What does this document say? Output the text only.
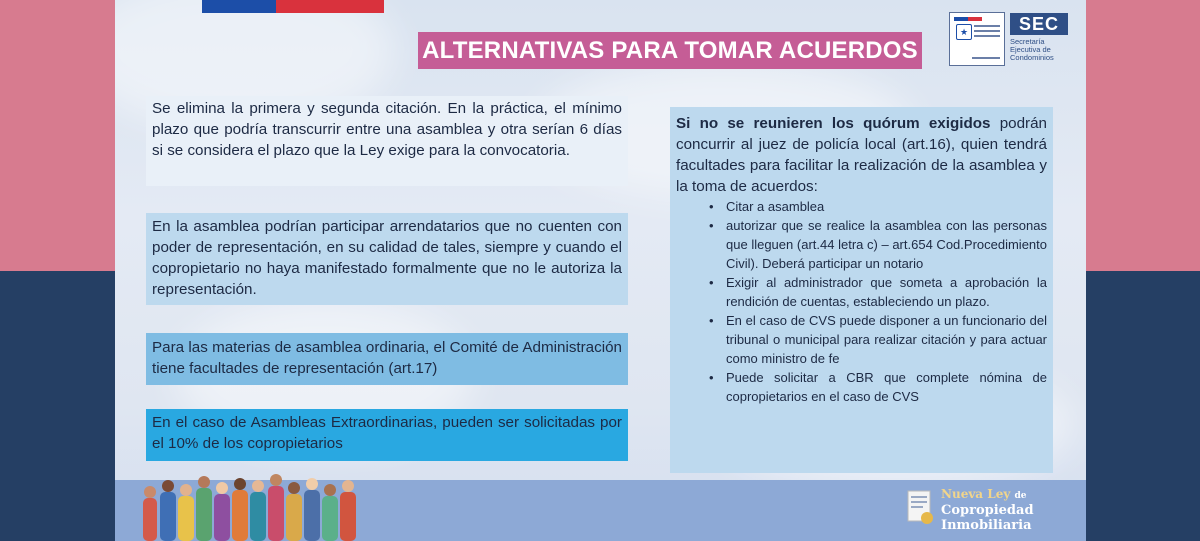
ALTERNATIVAS PARA TOMAR ACUERDOS
★	SEC
Secretaría
Ejecutiva de
Condominios

Se elimina la primera y segunda citación. En la práctica, el mínimo plazo que podría transcurrir entre una asamblea y otra serían 6 días si se considera el plazo que la Ley exige para la convocatoria.

En la asamblea podrían participar arrendatarios que no cuenten con poder de representación, en su calidad de tales, siempre y cuando el copropietario no haya manifestado formalmente que no le autoriza la representación.

Para las materias de asamblea ordinaria, el Comité de Administración tiene facultades de representación (art.17)

En el caso de Asambleas Extraordinarias, pueden ser solicitadas por el 10% de los copropietarios

Si no se reunieren los quórum exigidos podrán concurrir al juez de policía local (art.16), quien tendrá facultades para facilitar la realización de la asamblea y la toma de acuerdos:

• Citar a asamblea
• autorizar que se realice la asamblea con las personas que lleguen (art.44 letra c) – art.654 Cod.Procedimiento Civil). Deberá participar un notario
• Exigir al administrador que someta a aprobación la rendición de cuentas, estableciendo un plazo.
• En el caso de CVS puede disponer a un funcionario del tribunal o municipal para realizar citación y para actuar como ministro de fe
• Puede solicitar a CBR que complete nómina de copropietarios en el caso de CVS
Nueva Ley de
Copropiedad
Inmobiliaria
